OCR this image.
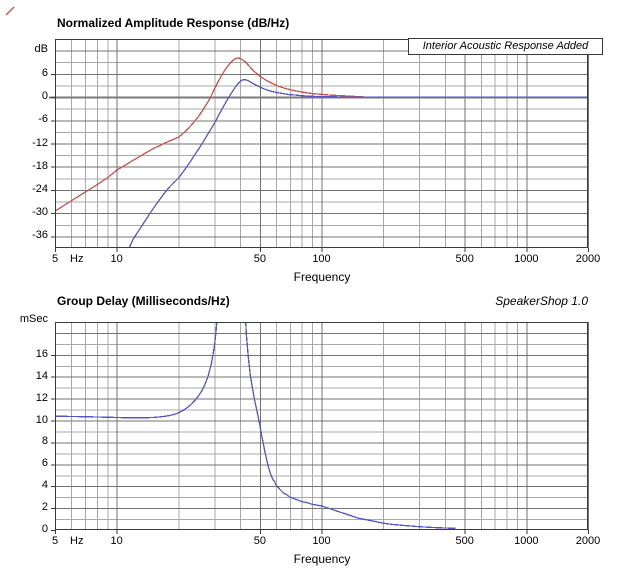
Normalized Amplitude Response (dB/Hz)
dB	Interior Acoustic Response Added
Hz
Frequency
6
0
-6
-12
-18
-24
-30
-36
5	10	50	100	500	1000	2000
Group Delay (Milliseconds/Hz)	SpeakerShop 1.0
mSec
Hz
Frequency
16
14
12
10
8
6
4
2
0
5	10	50	100	500	1000	2000
